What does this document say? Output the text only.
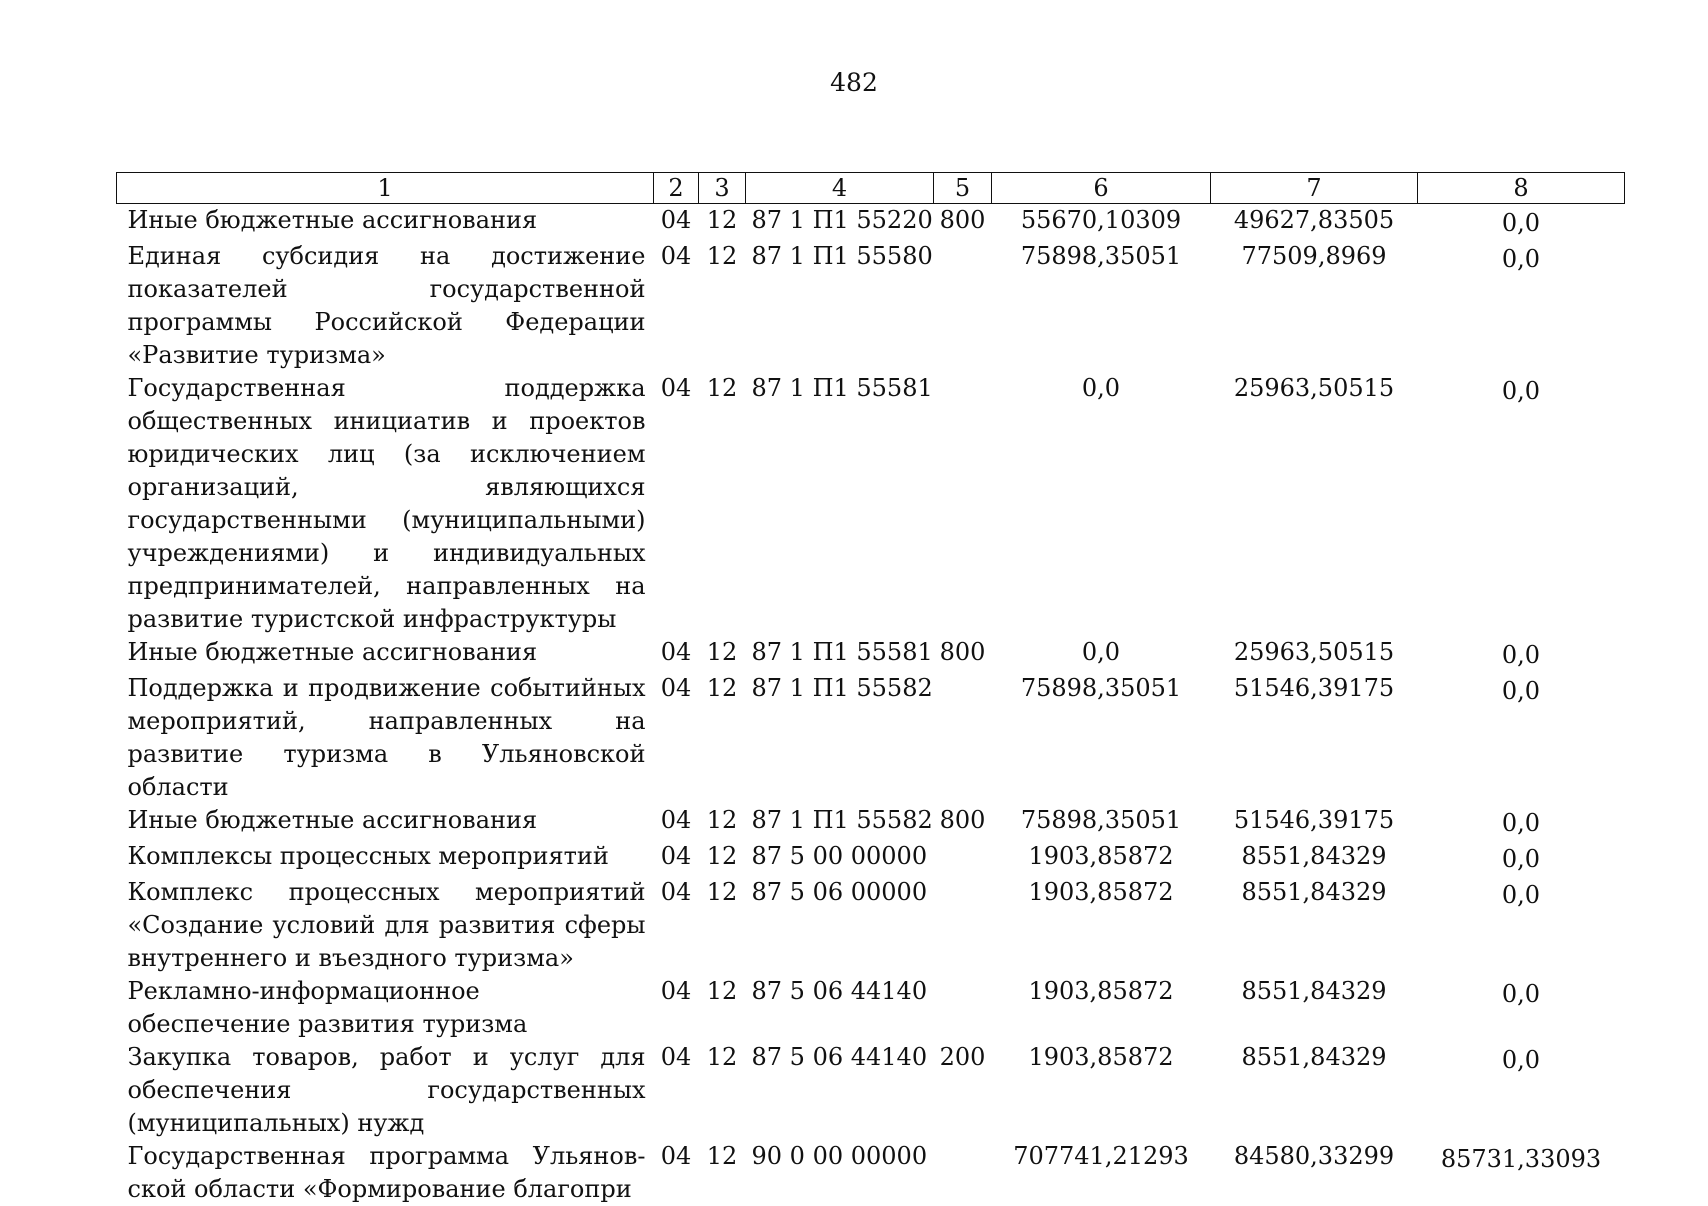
482
1	2	3	4	5	6	7	8
Иные бюджетные ассигнования	04	12	87 1 П1 55220	800	55670,10309	49627,83505	0,0
Единая субсидия на достижение показателей государственной программы Российской Федерации «Развитие туризма»	04	12	87 1 П1 55580		75898,35051	77509,8969	0,0
Государственная поддержка общественных инициатив и проектов юридических лиц (за исключением организаций, являющихся государственными (муниципальными) учреждениями) и индивидуальных предпринимателей, направленных на развитие туристской инфраструктуры	04	12	87 1 П1 55581		0,0	25963,50515	0,0
Иные бюджетные ассигнования	04	12	87 1 П1 55581	800	0,0	25963,50515	0,0
Поддержка и продвижение событийных мероприятий, направленных на развитие туризма в Ульяновской области	04	12	87 1 П1 55582		75898,35051	51546,39175	0,0
Иные бюджетные ассигнования	04	12	87 1 П1 55582	800	75898,35051	51546,39175	0,0
Комплексы процессных мероприятий	04	12	87 5 00 00000		1903,85872	8551,84329	0,0
Комплекс процессных мероприятий «Создание условий для развития сферы внутреннего и въездного туризма»	04	12	87 5 06 00000		1903,85872	8551,84329	0,0
Рекламно-информационное обеспечение развития туризма	04	12	87 5 06 44140		1903,85872	8551,84329	0,0
Закупка товаров, работ и услуг для обеспечения государственных (муниципальных) нужд	04	12	87 5 06 44140	200	1903,85872	8551,84329	0,0
Государственная программа Ульяновской области «Формирование благопри	04	12	90 0 00 00000		707741,21293	84580,33299	85731,33093
